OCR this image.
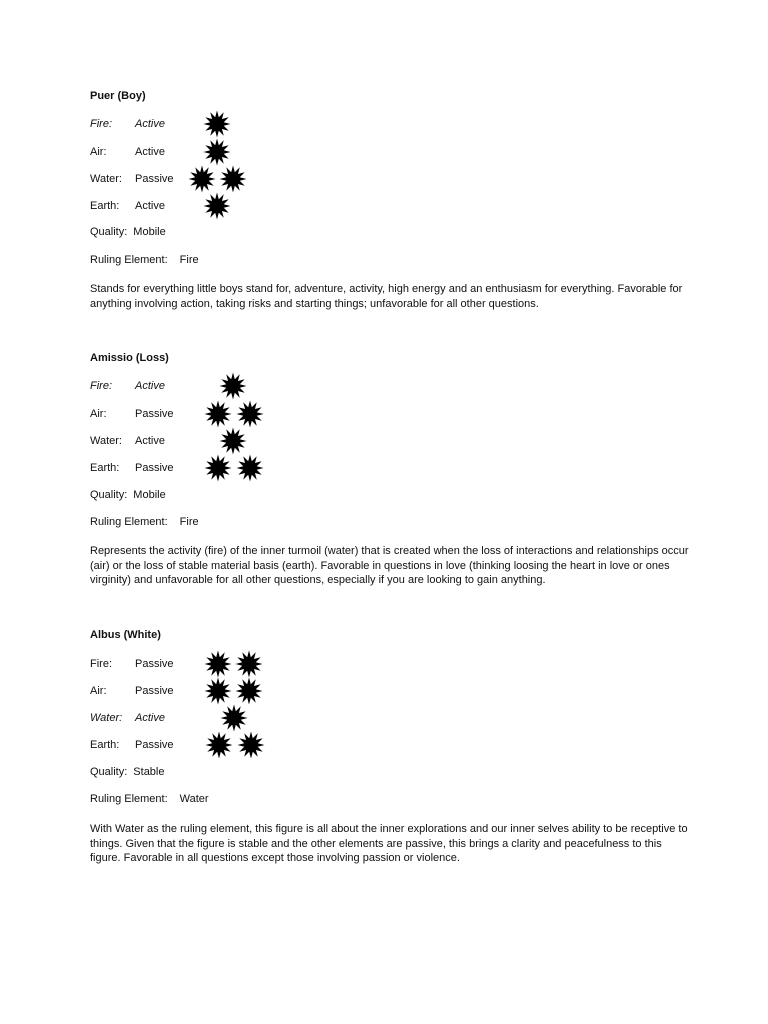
Puer (Boy)
Fire: Active
Air:	Active
Water: Passive
Earth: Active
Quality: Mobile
Ruling Element: Fire
Stands for everything little boys stand for, adventure, activity, high energy and an enthusiasm for everything. Favorable for anything involving action, taking risks and starting things; unfavorable for all other questions.
Amissio (Loss)
Fire: Active
Air:	Passive
Water: Active
Earth: Passive
Quality: Mobile
Ruling Element: Fire
Represents the activity (fire) of the inner turmoil (water) that is created when the loss of interactions and relationships occur (air) or the loss of stable material basis (earth). Favorable in questions in love (thinking loosing the heart in love or ones virginity) and unfavorable for all other questions, especially if you are looking to gain anything.
Albus (White)
Fire: Passive
Air:	Passive
Water: Active
Earth: Passive
Quality: Stable
Ruling Element: Water
With Water as the ruling element, this figure is all about the inner explorations and our inner selves ability to be receptive to things. Given that the figure is stable and the other elements are passive, this brings a clarity and peacefulness to this figure. Favorable in all questions except those involving passion or violence.
